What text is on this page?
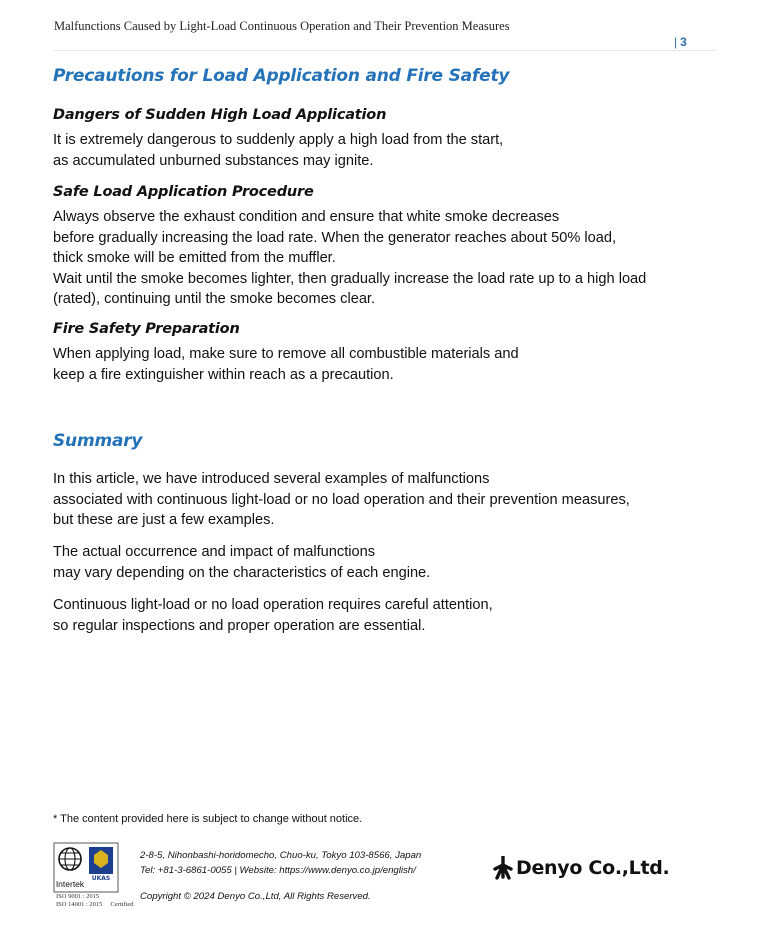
Malfunctions Caused by Light-Load Continuous Operation and Their Prevention Measures
| 3
Precautions for Load Application and Fire Safety
Dangers of Sudden High Load Application
It is extremely dangerous to suddenly apply a high load from the start,
as accumulated unburned substances may ignite.
Safe Load Application Procedure
Always observe the exhaust condition and ensure that white smoke decreases
before gradually increasing the load rate. When the generator reaches about 50% load,
thick smoke will be emitted from the muffler.
Wait until the smoke becomes lighter, then gradually increase the load rate up to a high load
(rated), continuing until the smoke becomes clear.
Fire Safety Preparation
When applying load, make sure to remove all combustible materials and
keep a fire extinguisher within reach as a precaution.
Summary
In this article, we have introduced several examples of malfunctions
associated with continuous light-load or no load operation and their prevention measures,
but these are just a few examples.
The actual occurrence and impact of malfunctions
may vary depending on the characteristics of each engine.
Continuous light-load or no load operation requires careful attention,
so regular inspections and proper operation are essential.
* The content provided here is subject to change without notice.
UKAS
Intertek
ISO 9001 : 2015
ISO 14001 : 2015 Certified
2-8-5, Nihonbashi-horidomecho, Chuo-ku, Tokyo 103-8566, Japan
Tel: +81-3-6861-0055 | Website: https://www.denyo.co.jp/english/
Copyright © 2024 Denyo Co.,Ltd, All Rights Reserved.
Denyo Co.,Ltd.
